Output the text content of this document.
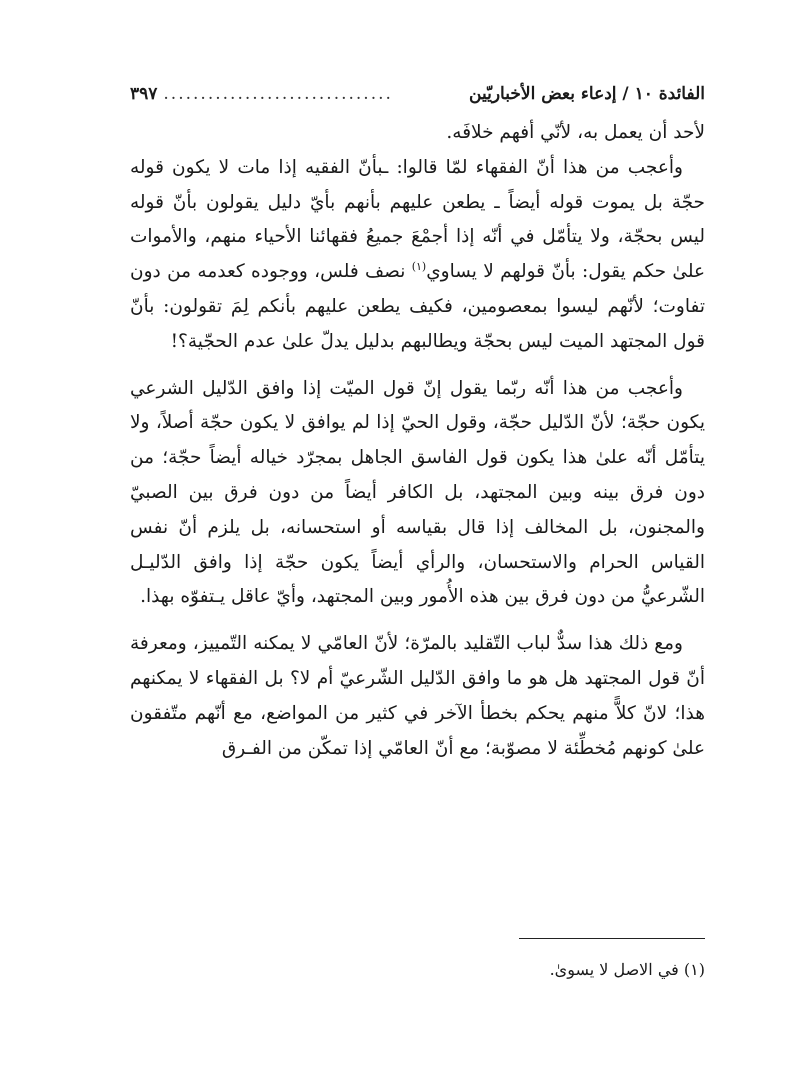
الفائدة ١٠ / إدعاء بعض الأخباريّين
...............................
٣٩٧

لأحد أن يعمل به، لأنّي أفهم خلافَه.

وأعجب من هذا أنّ الفقهاء لمّا قالوا: ـبأنّ الفقيه إذا مات لا يكون قوله حجّة بل يموت قوله أيضاً ـ يطعن عليهم بأنهم بأيّ دليل يقولون بأنّ قوله ليس بحجّة، ولا يتأمّل في أنّه إذا أجمْعَ جميعُ فقهائنا الأحياء منهم، والأموات علىٰ حكم يقول: بأنّ قولهم لا يساوي$^{(١)}$ نصف فلس، ووجوده كعدمه من دون تفاوت؛ لأنّهم ليسوا بمعصومين، فكيف يطعن عليهم بأنكم لِمَ تقولون: بأنّ قول المجتهد الميت ليس بحجّة ويطالبهم بدليل يدلّ علىٰ عدم الحجّية؟!

وأعجب من هذا أنّه ربّما يقول إنّ قول الميّت إذا وافق الدّليل الشرعي يكون حجّة؛ لأنّ الدّليل حجّة، وقول الحيّ إذا لم يوافق لا يكون حجّة أصلاً، ولا يتأمّل أنّه علىٰ هذا يكون قول الفاسق الجاهل بمجرّد خياله أيضاً حجّة؛ من دون فرق بينه وبين المجتهد، بل الكافر أيضاً من دون فرق بين الصبيّ والمجنون، بل المخالف إذا قال بقياسه أو استحسانه، بل يلزم أنّ نفس القياس الحرام والاستحسان، والرأي أيضاً يكون حجّة إذا وافق الدّليـل الشّرعيُّ من دون فرق بين هذه الأُمور وبين المجتهد، وأيّ عاقل يـتفوّه بهذا.

ومع ذلك هذا سدٌّ لباب التّقليد بالمرّة؛ لأنّ العامّي لا يمكنه التّمييز، ومعرفة أنّ قول المجتهد هل هو ما وافق الدّليل الشّرعيّ أم لا؟ بل الفقهاء لا يمكنهم هذا؛ لانّ كلاًّ منهم يحكم بخطأ الآخر في كثير من المواضع، مع أنّهم متّفقون علىٰ كونهم مُخطِّئة لا مصوّبة؛ مع أنّ العامّي إذا تمكّن من الفـرق

(١) في الاصل لا يسوىٰ.
